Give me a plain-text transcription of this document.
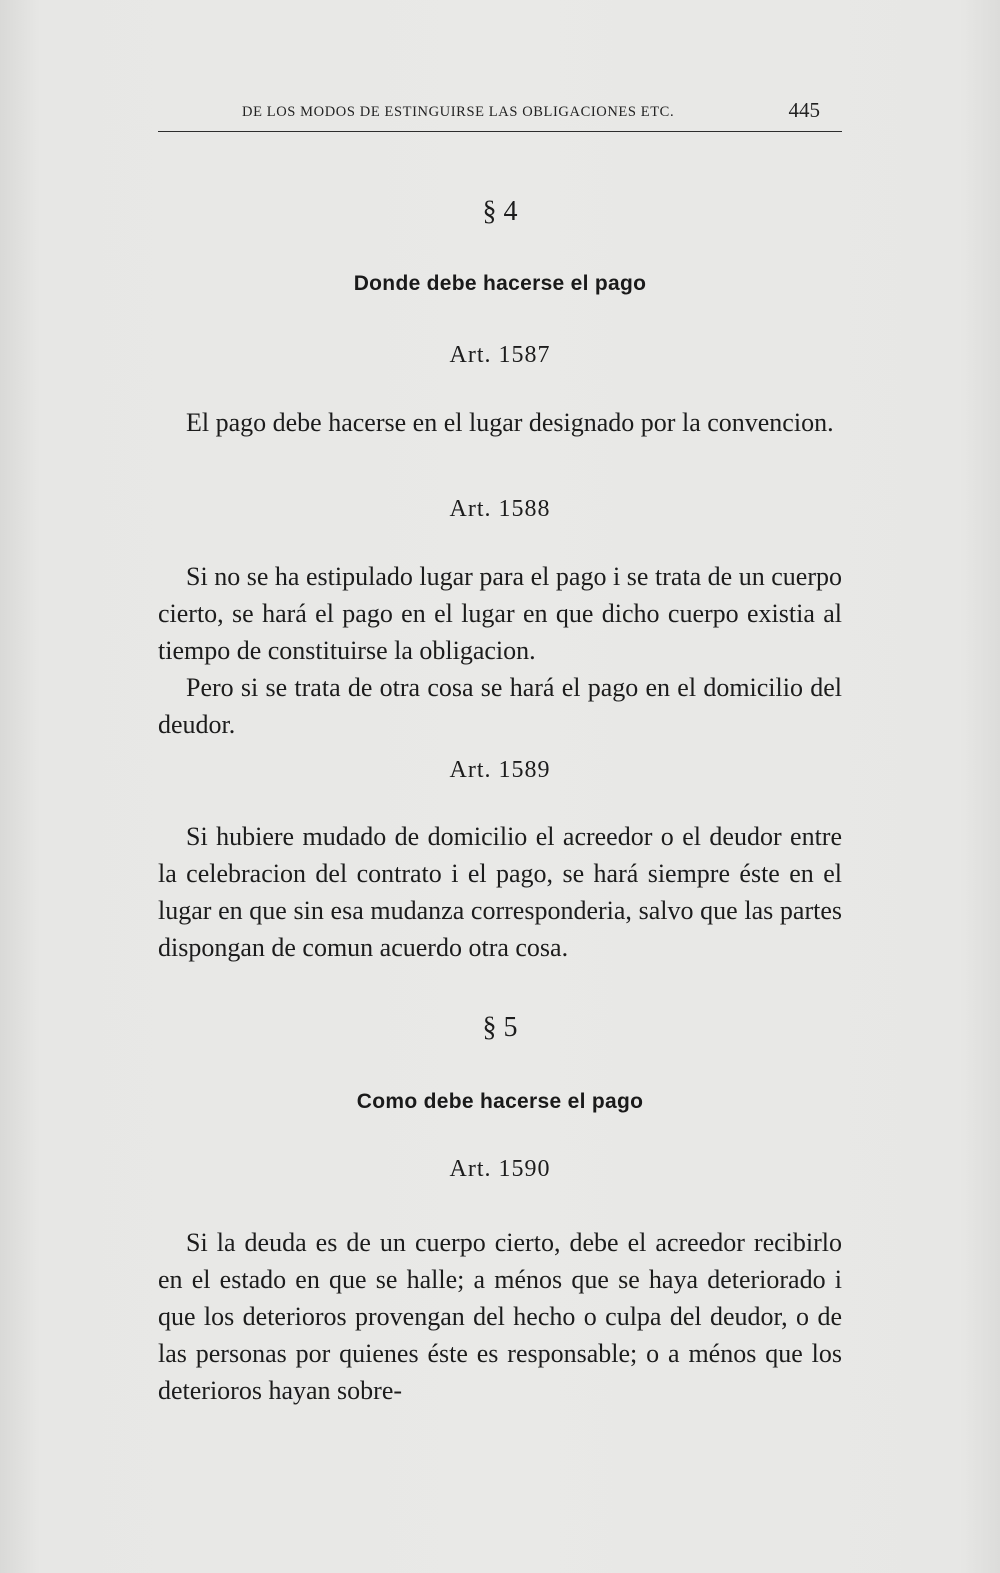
DE LOS MODOS DE ESTINGUIRSE LAS OBLIGACIONES ETC.	445
§ 4
Donde debe hacerse el pago
Art. 1587

El pago debe hacerse en el lugar designado por la convencion.

Art. 1588

Si no se ha estipulado lugar para el pago i se trata de un cuerpo cierto, se hará el pago en el lugar en que dicho cuerpo existia al tiempo de constituirse la obligacion.

Pero si se trata de otra cosa se hará el pago en el domicilio del deudor.

Art. 1589

Si hubiere mudado de domicilio el acreedor o el deudor entre la celebracion del contrato i el pago, se hará siempre éste en el lugar en que sin esa mudanza corresponderia, salvo que las partes dispongan de comun acuerdo otra cosa.

§ 5
Como debe hacerse el pago
Art. 1590

Si la deuda es de un cuerpo cierto, debe el acreedor recibirlo en el estado en que se halle; a ménos que se haya deteriorado i que los deterioros provengan del hecho o culpa del deudor, o de las personas por quienes éste es responsable; o a ménos que los deterioros hayan sobre-
